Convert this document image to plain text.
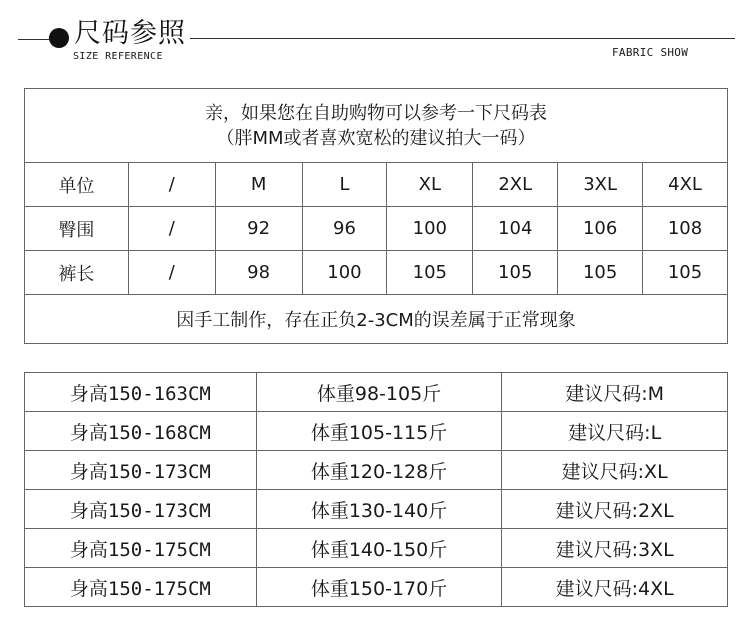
尺码参照
SIZE REFERENCE	FABRIC SHOW
亲，如果您在自助购物可以参考一下尺码表
（胖MM或者喜欢宽松的建议拍大一码）							

单位	/	M	L	XL	2XL	3XL	4XL
臀围	/	92	96	100	104	106	108
裤长	/	98	100	105	105	105	105
因手工制作，存在正负2-3CM的误差属于正常现象							
身高150-163CM	体重98-105斤	建议尺码:M
身高150-168CM	体重105-115斤	建议尺码:L
身高150-173CM	体重120-128斤	建议尺码:XL
身高150-173CM	体重130-140斤	建议尺码:2XL
身高150-175CM	体重140-150斤	建议尺码:3XL
身高150-175CM	体重150-170斤	建议尺码:4XL
